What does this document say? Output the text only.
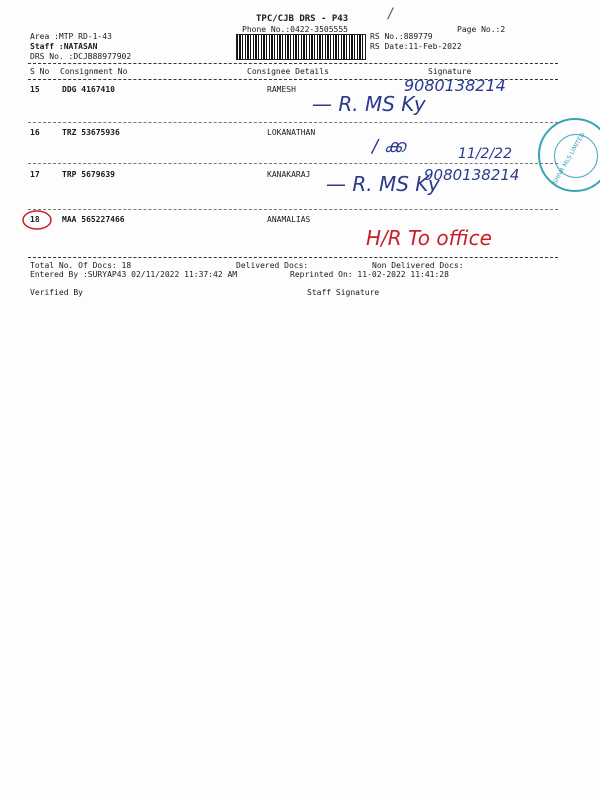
TPC/CJB DRS - P43	/
Phone No.:0422-3505555	Page No.:2
Area :MTP RD-1-43
Staff :NATASAN
DRS No. :DCJB88977902
RS No.:889779
RS Date:11-Feb-2022
S No Consignment No	Consignee Details	Signature
15	DDG 4167410	RAMESH	9080138214
— R. MS Ky
16	TRZ 53675936	LOKANATHAN
/ ക്ക	11/2/22
17	TRP 5679639	KANAKARAJ	9080138214
— R. MS Ky
18	MAA 565227466	ANAMALIAS
H/R To office
SHIVA MLS LIMITED
Total No. Of Docs: 18	Delivered Docs:	Non Delivered Docs:
Entered By :SURYAP43 02/11/2022 11:37:42 AM	Reprinted On: 11-02-2022 11:41:28
Verified By	Staff Signature
